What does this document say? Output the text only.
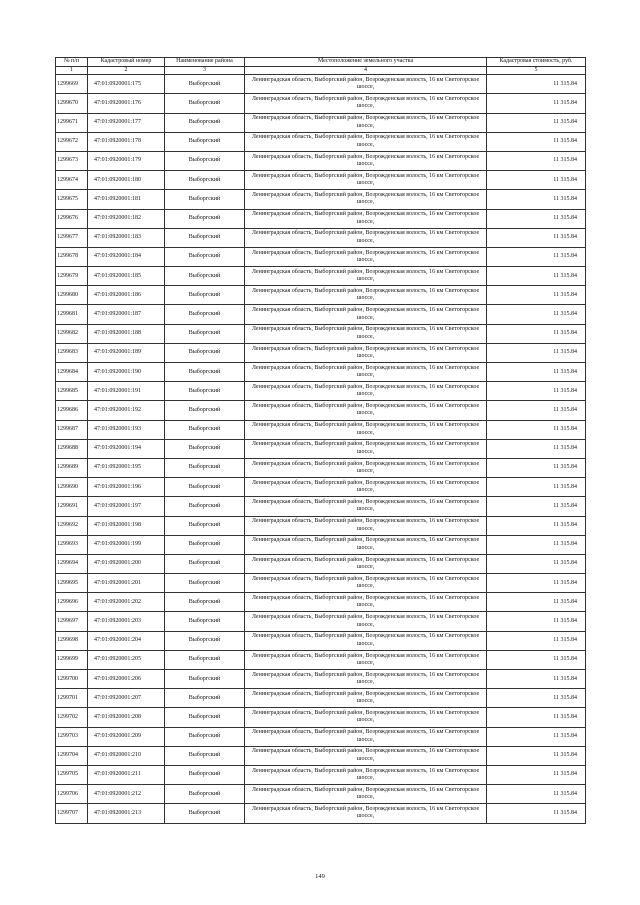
№ п/п	Кадастровый номер	Наименование района	Местоположение земельного участка	Кадастровая стоимость, руб.
1	2	3	4	5
1299669	47:01:0920001:175	Выборгский	Ленинградская область, Выборгский район, Возрожденская волость, 16 км Светогорское шоссе,	11 315.84
1299670	47:01:0920001:176	Выборгский	Ленинградская область, Выборгский район, Возрожденская волость, 16 км Светогорское шоссе,	11 315.84
1299671	47:01:0920001:177	Выборгский	Ленинградская область, Выборгский район, Возрожденская волость, 16 км Светогорское шоссе,	11 315.84
1299672	47:01:0920001:178	Выборгский	Ленинградская область, Выборгский район, Возрожденская волость, 16 км Светогорское шоссе,	11 315.84
1299673	47:01:0920001:179	Выборгский	Ленинградская область, Выборгский район, Возрожденская волость, 16 км Светогорское шоссе,	11 315.84
1299674	47:01:0920001:180	Выборгский	Ленинградская область, Выборгский район, Возрожденская волость, 16 км Светогорское шоссе,	11 315.84
1299675	47:01:0920001:181	Выборгский	Ленинградская область, Выборгский район, Возрожденская волость, 16 км Светогорское шоссе,	11 315.84
1299676	47:01:0920001:182	Выборгский	Ленинградская область, Выборгский район, Возрожденская волость, 16 км Светогорское шоссе,	11 315.84
1299677	47:01:0920001:183	Выборгский	Ленинградская область, Выборгский район, Возрожденская волость, 16 км Светогорское шоссе,	11 315.84
1299678	47:01:0920001:184	Выборгский	Ленинградская область, Выборгский район, Возрожденская волость, 16 км Светогорское шоссе,	11 315.84
1299679	47:01:0920001:185	Выборгский	Ленинградская область, Выборгский район, Возрожденская волость, 16 км Светогорское шоссе,	11 315.84
1299680	47:01:0920001:186	Выборгский	Ленинградская область, Выборгский район, Возрожденская волость, 16 км Светогорское шоссе,	11 315.84
1299681	47:01:0920001:187	Выборгский	Ленинградская область, Выборгский район, Возрожденская волость, 16 км Светогорское шоссе,	11 315.84
1299682	47:01:0920001:188	Выборгский	Ленинградская область, Выборгский район, Возрожденская волость, 16 км Светогорское шоссе,	11 315.84
1299683	47:01:0920001:189	Выборгский	Ленинградская область, Выборгский район, Возрожденская волость, 16 км Светогорское шоссе,	11 315.84
1299684	47:01:0920001:190	Выборгский	Ленинградская область, Выборгский район, Возрожденская волость, 16 км Светогорское шоссе,	11 315.84
1299685	47:01:0920001:191	Выборгский	Ленинградская область, Выборгский район, Возрожденская волость, 16 км Светогорское шоссе,	11 315.84
1299686	47:01:0920001:192	Выборгский	Ленинградская область, Выборгский район, Возрожденская волость, 16 км Светогорское шоссе,	11 315.84
1299687	47:01:0920001:193	Выборгский	Ленинградская область, Выборгский район, Возрожденская волость, 16 км Светогорское шоссе,	11 315.84
1299688	47:01:0920001:194	Выборгский	Ленинградская область, Выборгский район, Возрожденская волость, 16 км Светогорское шоссе,	11 315.84
1299689	47:01:0920001:195	Выборгский	Ленинградская область, Выборгский район, Возрожденская волость, 16 км Светогорское шоссе,	11 315.84
1299690	47:01:0920001:196	Выборгский	Ленинградская область, Выборгский район, Возрожденская волость, 16 км Светогорское шоссе,	11 315.84
1299691	47:01:0920001:197	Выборгский	Ленинградская область, Выборгский район, Возрожденская волость, 16 км Светогорское шоссе,	11 315.84
1299692	47:01:0920001:198	Выборгский	Ленинградская область, Выборгский район, Возрожденская волость, 16 км Светогорское шоссе,	11 315.84
1299693	47:01:0920001:199	Выборгский	Ленинградская область, Выборгский район, Возрожденская волость, 16 км Светогорское шоссе,	11 315.84
1299694	47:01:0920001:200	Выборгский	Ленинградская область, Выборгский район, Возрожденская волость, 16 км Светогорское шоссе,	11 315.84
1299695	47:01:0920001:201	Выборгский	Ленинградская область, Выборгский район, Возрожденская волость, 16 км Светогорское шоссе,	11 315.84
1299696	47:01:0920001:202	Выборгский	Ленинградская область, Выборгский район, Возрожденская волость, 16 км Светогорское шоссе,	11 315.84
1299697	47:01:0920001:203	Выборгский	Ленинградская область, Выборгский район, Возрожденская волость, 16 км Светогорское шоссе,	11 315.84
1299698	47:01:0920001:204	Выборгский	Ленинградская область, Выборгский район, Возрожденская волость, 16 км Светогорское шоссе,	11 315.84
1299699	47:01:0920001:205	Выборгский	Ленинградская область, Выборгский район, Возрожденская волость, 16 км Светогорское шоссе,	11 315.84
1299700	47:01:0920001:206	Выборгский	Ленинградская область, Выборгский район, Возрожденская волость, 16 км Светогорское шоссе,	11 315.84
1299701	47:01:0920001:207	Выборгский	Ленинградская область, Выборгский район, Возрожденская волость, 16 км Светогорское шоссе,	11 315.84
1299702	47:01:0920001:208	Выборгский	Ленинградская область, Выборгский район, Возрожденская волость, 16 км Светогорское шоссе,	11 315.84
1299703	47:01:0920001:209	Выборгский	Ленинградская область, Выборгский район, Возрожденская волость, 16 км Светогорское шоссе,	11 315.84
1299704	47:01:0920001:210	Выборгский	Ленинградская область, Выборгский район, Возрожденская волость, 16 км Светогорское шоссе,	11 315.84
1299705	47:01:0920001:211	Выборгский	Ленинградская область, Выборгский район, Возрожденская волость, 16 км Светогорское шоссе,	11 315.84
1299706	47:01:0920001:212	Выборгский	Ленинградская область, Выборгский район, Возрожденская волость, 16 км Светогорское шоссе,	11 315.84
1299707	47:01:0920001:213	Выборгский	Ленинградская область, Выборгский район, Возрожденская волость, 16 км Светогорское шоссе,	11 315.84
149
